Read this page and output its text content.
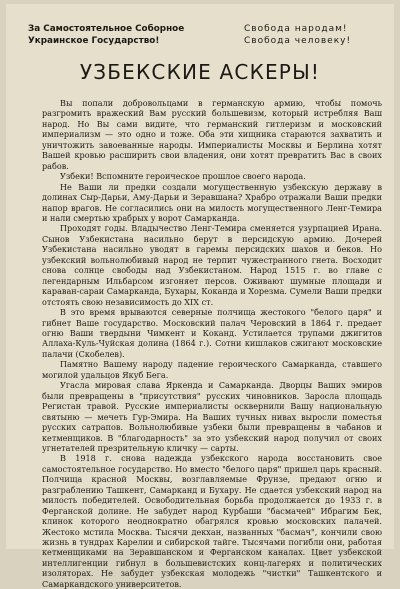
За Самостоятельное Соборное
Украинское Государство!
Свобода народам!
Свобода человеку!
УЗБЕКСКИЕ АСКЕРЫ!

Вы попали добровольцами в германскую армию, чтобы помочь разгромить вражеский Вам русский большевизм, который истребляя Ваш народ. Но Вы сами видите, что германский гитлеризм и московский империализм — это одно и тоже. Оба эти хищника стараются захватить и уничтожить завоеванные народы. Империалисты Москвы и Берлина хотят Вашей кровью расширить свои владения, они хотят превратить Вас в своих рабов.

Узбеки! Вспомните героическое прошлое своего народа.

Не Ваши ли предки создали могущественную узбекскую державу в долинах Сыр-Дарьи, Аму-Дарьи и Зеравшана? Храбро отражали Ваши предки напор врагов. Не согласились они на милость могущественного Ленг-Темира и нали смертью храбрых у ворот Самарканда.

Проходят годы. Владычество Ленг-Темира сменяется узурпацией Ирана. Сынов Узбекистана насильно берут в персидскую армию. Дочерей Узбекистана насильно уводят в гаремы персидских шахов и беков. Но узбекский вольнолюбивый народ не терпит чужестранного гнета. Восходит снова солнце свободы над Узбекистаном. Народ 1515 г. во главе с легендарным Ильбарсом изгоняет персов. Оживают шумные площади и караван-сараи Самарканда, Бухары, Коканда и Хорезма. Сумели Ваши предки отстоять свою независимость до XIX ст.

В это время врываются северные полчища жестокого "белого царя" и гибнет Ваше государство. Московский палач Черовский в 1864 г. предает огню Ваши твердыни Чимкент и Коканд. Устилается трупами джигитов Аллаха-Куль-Чуйская долина (1864 г.). Сотни кишлаков сжигают московские палачи (Скобелев).

Памятно Вашему народу падение героического Самарканда, ставшего могилой удальцов Якуб Бега.

Угасла мировая слава Яркенда и Самарканда. Дворцы Ваших эмиров были превращены в "присутствия" русских чиновников. Заросла площадь Регистан травой. Русские империалисты осквернили Вашу национальную святыню — мечеть Гур-Эмира. На Ваших тучных нивах выросли поместья русских сатрапов. Вольнолюбивые узбеки были превращены в чабанов и кетменщиков. В "благодарность" за это узбекский народ получил от своих угнетателей презрительную кличку — сарты.

В 1918 г. снова надежда узбекского народа восстановить свое самостоятельное государство. Но вместо "белого царя" пришел царь красный. Полчища красной Москвы, возглавляемые Фрунзе, предают огню и разграблению Ташкент, Самарканд и Бухару. Не сдается узбекский народ на милость победителей. Освободительная борьба продолжается до 1933 г. в Ферганской долине. Не забудет народ Курбаши "басмачей" Ибрагим Бек, клинок которого неоднократно обагрялся кровью московских палачей. Жестоко мстила Москва. Тысячи декхан, названных "басмач", кончили свою жизнь в тундрах Карелии и сибирской тайге. Тысячами погибли они, работая кетменщиками на Зеравшанском и Ферганском каналах. Цвет узбекской интеллигенции гибнул в большевистских конц-лагерях и политических изоляторах. Не забудет узбекская молодежь "чистки" Ташкентского и Самаркандского университетов.
